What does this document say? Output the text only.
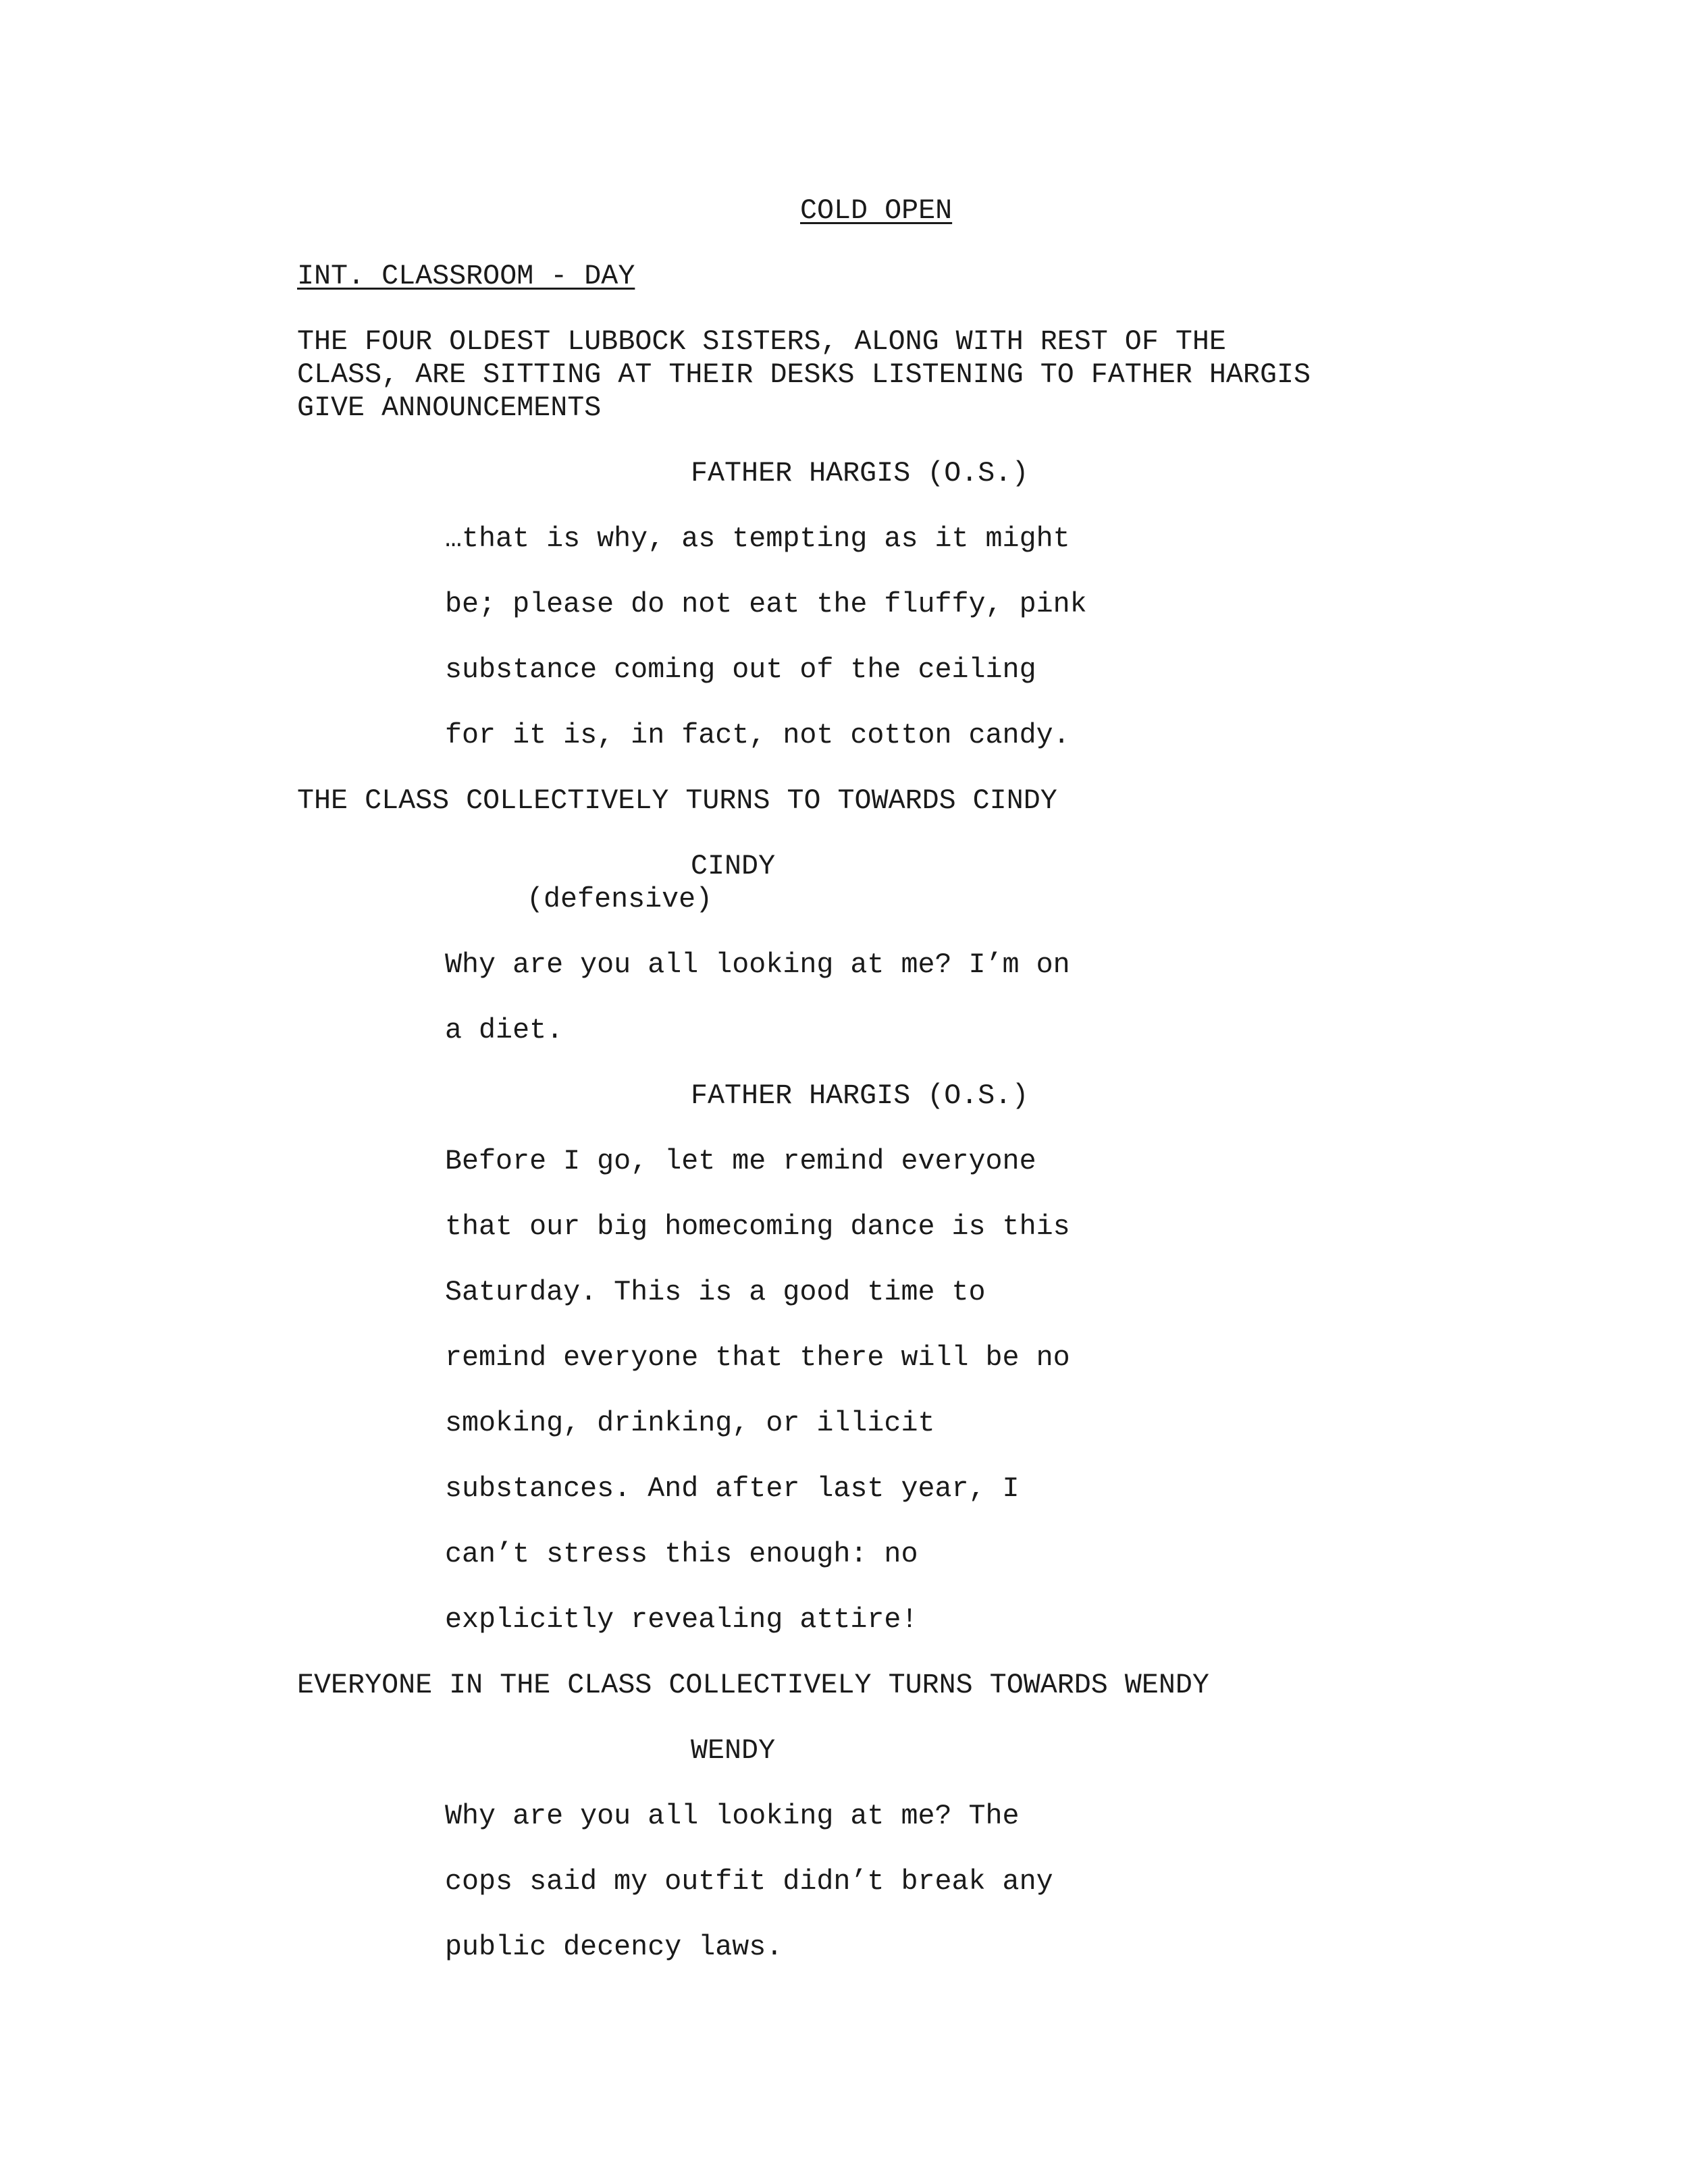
COLD OPEN

INT. CLASSROOM - DAY

THE FOUR OLDEST LUBBOCK SISTERS, ALONG WITH REST OF THE

CLASS, ARE SITTING AT THEIR DESKS LISTENING TO FATHER HARGIS

GIVE ANNOUNCEMENTS

FATHER HARGIS (O.S.)

…that is why, as tempting as it might

be; please do not eat the fluffy, pink

substance coming out of the ceiling

for it is, in fact, not cotton candy.

THE CLASS COLLECTIVELY TURNS TO TOWARDS CINDY

CINDY

(defensive)

Why are you all looking at me? I’m on

a diet.

FATHER HARGIS (O.S.)

Before I go, let me remind everyone

that our big homecoming dance is this

Saturday. This is a good time to

remind everyone that there will be no

smoking, drinking, or illicit

substances. And after last year, I

can’t stress this enough: no

explicitly revealing attire!

EVERYONE IN THE CLASS COLLECTIVELY TURNS TOWARDS WENDY

WENDY

Why are you all looking at me? The

cops said my outfit didn’t break any

public decency laws.
